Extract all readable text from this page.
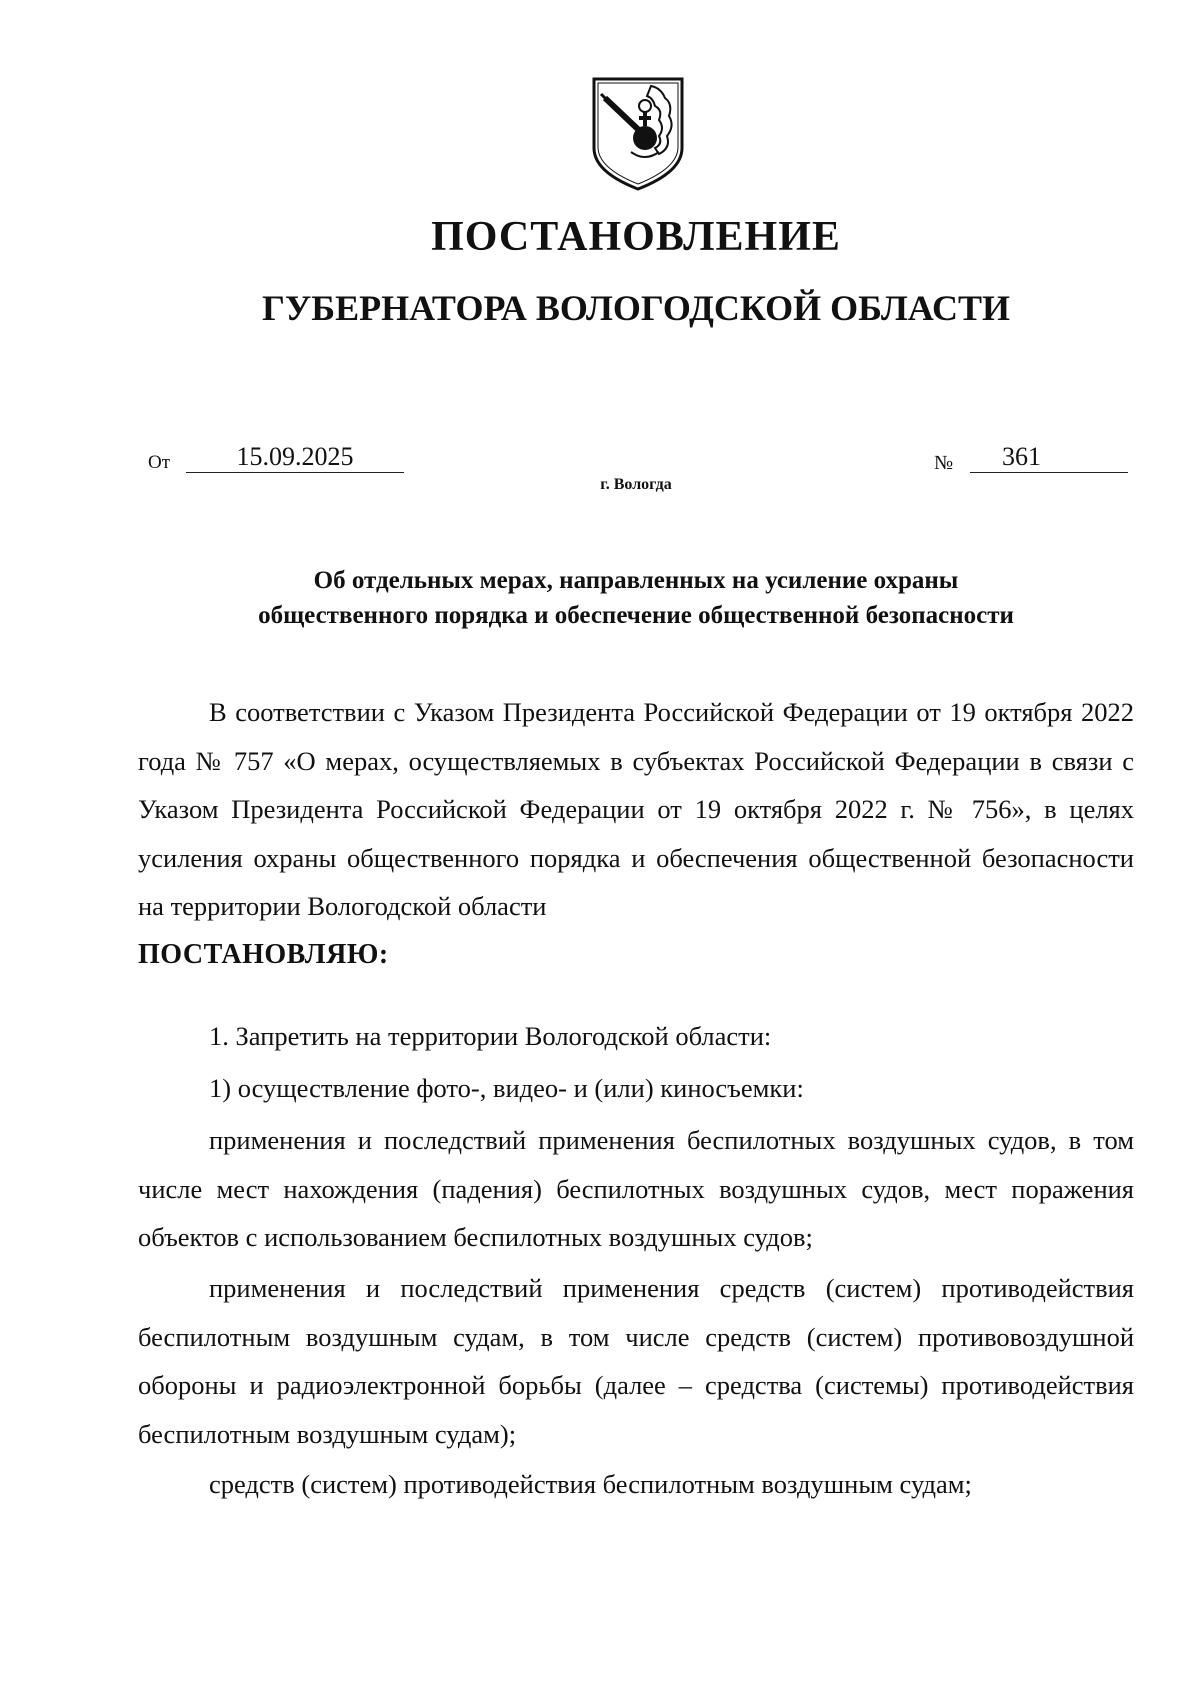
ПОСТАНОВЛЕНИЕ
ГУБЕРНАТОРА ВОЛОГОДСКОЙ ОБЛАСТИ
От	15.09.2025	№	361
г. Вологда
Об отдельных мерах, направленных на усиление охраны
общественного порядка и обеспечение общественной безопасности

В соответствии с Указом Президента Российской Федерации от 19 октября 2022 года № 757 «О мерах, осуществляемых в субъектах Российской Федерации в связи с Указом Президента Российской Федерации от 19 октября 2022 г. № 756», в целях усиления охраны общественного порядка и обеспечения общественной безопасности на территории Вологодской области

ПОСТАНОВЛЯЮ:

1. Запретить на территории Вологодской области:

1) осуществление фото-, видео- и (или) киносъемки:

применения и последствий применения беспилотных воздушных судов, в том числе мест нахождения (падения) беспилотных воздушных судов, мест поражения объектов с использованием беспилотных воздушных судов;

применения и последствий применения средств (систем) противодействия беспилотным воздушным судам, в том числе средств (систем) противовоздушной обороны и радиоэлектронной борьбы (далее – средства (системы) противодействия беспилотным воздушным судам);

средств (систем) противодействия беспилотным воздушным судам;
